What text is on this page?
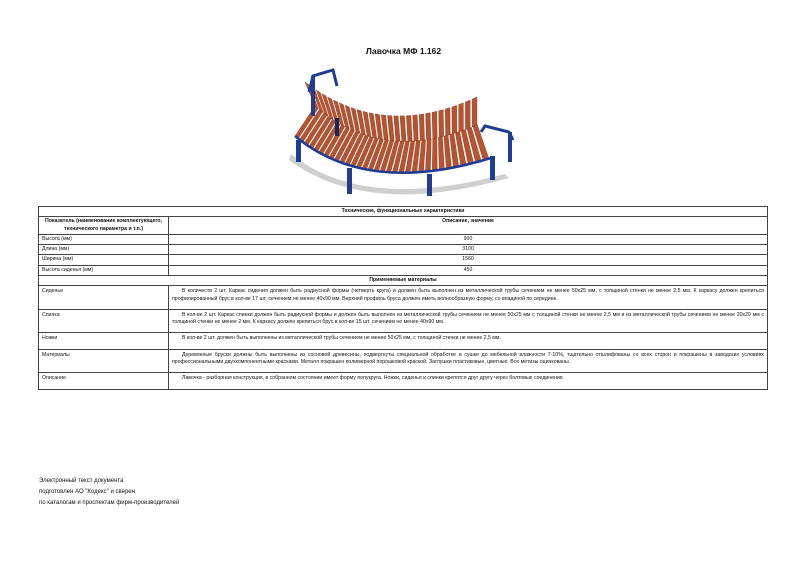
Лавочка МФ 1.162
Технические, функциональные характеристики	
Показатель (наименование комплектующего, технического параметра и т.п.)	Описание, значение
Высота (мм)	900
Длина (мм)	3100
Ширина (мм)	1560
Высота сиденья (мм)	450
Применяемые материалы	
Сиденье	В количеств 2 шт. Каркас сидения должен быть радиусной формы (четверть круга) и должен быть выполнен из металлической трубы сечением не менее 50х25 мм, с толщиной стенки не менее 2,5 мм. К каркасу должен крепиться профилированный брус в кол-ве 17 шт. сечением не менее 40х90 мм. Верхний профиль бруса должен иметь волнообразную форму, со впадиной по середине.
Спинка	В кол-ве 2 шт. Каркас спинки должен быть радиусной формы и должен быть выполнен из металлической трубы сечением не менее 50х25 мм с толщиной стенки не менее 2,5 мм и из металлической трубы сечением не менее 20х20 мм с толщиной стенки не менее 2 мм. К каркасу должен крепиться брус в кол-ве 15 шт. сечением не менее 40х90 мм.
Ножки	В кол-ве 2 шт. должен быть выполнены из металлической трубы сечением не менее 50х25 мм, с толщиной стенки не менее 2,5 мм.
Материалы	Деревянные бруски должны быть выполнены из сосновой древесины, подвергнуты специальной обработке и сушке до мебельной влажности 7-10%, тщательно отшлифованы со всех сторон и покрашены в заводских условиях профессиональными двухкомпонентными красками. Металл покрашен полимерной порошковой краской. Заглушки пластиковые, цветные. Все метизы оцинкованы.
Описание	Лавочка - разборная конструкция, в собранном состоянии имеет форму полукруга. Ножки, сиденья и спинки крепятся друг другу через болтовые соединения.
Электронный текст документа
подготовлен АО "Кодекс" и сверен
по каталогам и проспектам фирм-производителей
